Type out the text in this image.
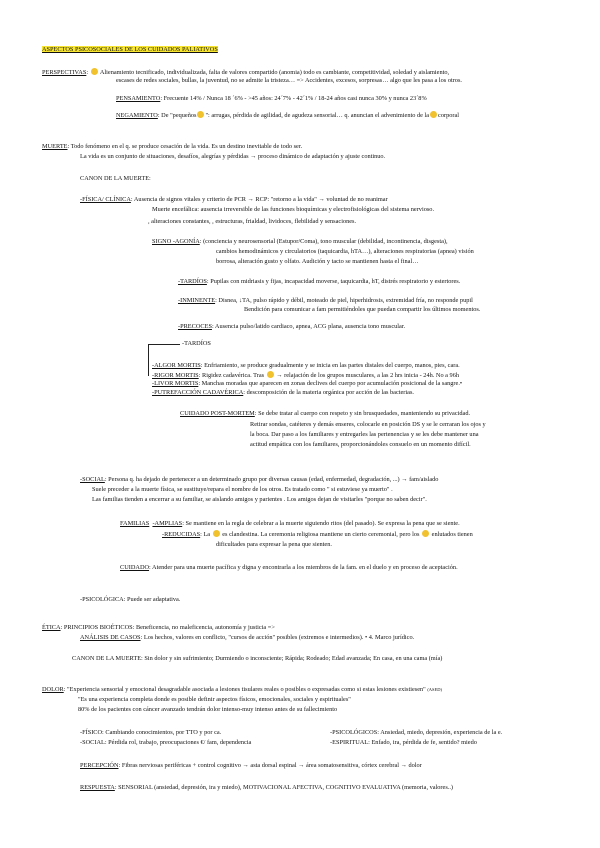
ASPECTOS PSICOSOCIALES DE LOS CUIDADOS PALIATIVOS
PERSPECTIVAS:  Alienamiento tecnificado, individualizada, falta de valores compartido (anomia) todo es cambiante, competitividad, soledad y aislamiento,
escases de redes sociales, bullas, la juventud, no se admite la tristeza… => Accidentes, excesos, sorpresas… algo que les pasa a los otros.
PENSAMIENTO: Frecuente 14% / Nunca 18 ´6% - >45 años: 24´7% - 42´1% / 18-24 años casi nunca 30% y nunca 23´8%
NEGAMIENTO: De "pequeños ": arrugas, pérdida de agilidad, de agudeza sensorial… q. anuncian el advenimiento de la corporal
MUERTE: Todo fenómeno en el q. se produce cesación de la vida. Es un destino inevitable de todo ser.
La vida es un conjunto de situaciones, desafíos, alegrías y pérdidas → proceso dinámico de adaptación y ajuste continuo.
CANON DE LA MUERTE:
-FÍSICA/ CLÍNICA: Ausencia de signos vitales y criterio de PCR → RCP: "retorno a la vida" → voluntad de no reanimar
Muerte encefálica: ausencia irreversible de las funciones bioquímicas y electrofisiológicas del sistema nervioso.
, alteraciones constantes, , estructuras, frialdad, lividoces, flebilidad y sensaciones.
SIGNO -AGONÍA: (conciencia y neurosensorial (Estupor/Coma), tono muscular (debilidad, incontinencia, disgesta),
cambios hemodinámicos y circulatorios (taquicardia, hTA…), alteraciones respiratorias (apnea) visión
borrosa, alteración gusto y olfato. Audición y tacto se mantienen hasta el final…
-TARDÍOS: Pupilas con midriasis y fijas, incapacidad moverse, taquicardia, hT, distrés respiratorio y estertores.
-INMINENTE: Disnea, ↓TA, pulso rápido y débil, moteado de piel, hiperhidrosis, extremidad fría, no responde pupil
Bendición para comunicar a fam permitiéndoles que puedan compartir los últimos momentos.
-PRECOCES: Ausencia pulso/latido cardiaco, apnea, ACG plana, ausencia tono muscular.
-TARDÍOS
-ALGOR MORTIS: Enfriamiento, se produce gradualmente y se inicia en las partes distales del cuerpo, manos, pies, cara.
-RIGOR MORTIS: Rigidez cadavérica. Tras → relajación de los grupos musculares, a las 2 hrs inicia - 24h. No a 96h
-LIVOR MORTIS: Manchas moradas que aparecen en zonas declives del cuerpo por acumulación posicional de la sangre.•
-PUTREFACCIÓN CADAVÉRICA: descomposición de la materia orgánica por acción de las bacterias.
CUIDADO POST-MORTEM: Se debe tratar al cuerpo con respeto y sin brusquedades, manteniendo su privacidad.
Retirar sondas, catéteres y demás enseres, colocarle en posición DS y se le cerraran los ojos y
la boca. Dar paso a los familiares y entregarles las pertenencias y se les debe mantener una
actitud empática con los familiares, proporcionándoles consuelo en un momento difícil.
-SOCIAL: Persona q. ha dejado de pertenecer a un determinado grupo por diversas causas (edad, enfermedad, degradación, ...) → fam/aislado
Suele preceder a la muerte física, se sustituye/repara el nombre de los otros. Es tratado como " si estuviese ya muerto" .
Las familias tienden a encerrar a su familiar, se aislando amigos y parientes . Los amigos dejan de visitarles "porque no saben decir".
FAMILIAS -AMPLIAS: Se mantiene en la regla de celebrar a la muerte siguiendo ritos (del pasado). Se expresa la pena que se siente.
-REDUCIDAS: La es clandestina. La ceremonia religiosa mantiene un cierto ceremonial, pero los  enlutados tienen
dificultades para expresar la pena que sienten.
CUIDADO: Atender para una muerte pacífica y digna y encontrarla a los miembros de la fam. en el duelo y en proceso de aceptación.
-PSICOLÓGICA: Puede ser adaptativa.
ÉTICA: PRINCIPIOS BIOÉTICOS: Beneficencia, no maleficencia, autonomía y justicia =>
ANÁLISIS DE CASOS: Los hechos, valores en conflicto, "cursos de acción" posibles (extremos e intermedios). • 4. Marco jurídico.
CANON DE LA MUERTE: Sin dolor y sin sufrimiento; Durmiendo o inconsciente; Rápida; Rodeado; Edad avanzada; En casa, en una cama (mía)
DOLOR: "Experiencia sensorial y emocional desagradable asociada a lesiones tisulares reales o posibles o expresadas como si estas lesiones existiesen" (ASED)
"Es una experiencia completa donde es posible definir aspectos físicos, emocionales, sociales y espirituales"
80% de los pacientes con cáncer avanzado tendrán dolor intenso-muy intenso antes de su fallecimiento
-FÍSICO: Cambiando conocimientos, por TTO y por ca.	-PSICOLÓGICOS: Ansiedad, miedo, depresión, experiencia de la e.
-SOCIAL: Pérdida rol, trabajo, preocupaciones €/ fam, dependencia	-ESPIRITUAL: Enfado, ira, pérdida de fe, sentido? miedo
PERCEPCIÓN: Fibras nerviosas periféricas + control cognitivo → asta dorsal espinal → área somatosensitiva, córtex cerebral → dolor
RESPUESTA: SENSORIAL (ansiedad, depresión, ira y miedo), MOTIVACIONAL AFECTIVA, COGNITIVO EVALUATIVA (memoria, valores..)
